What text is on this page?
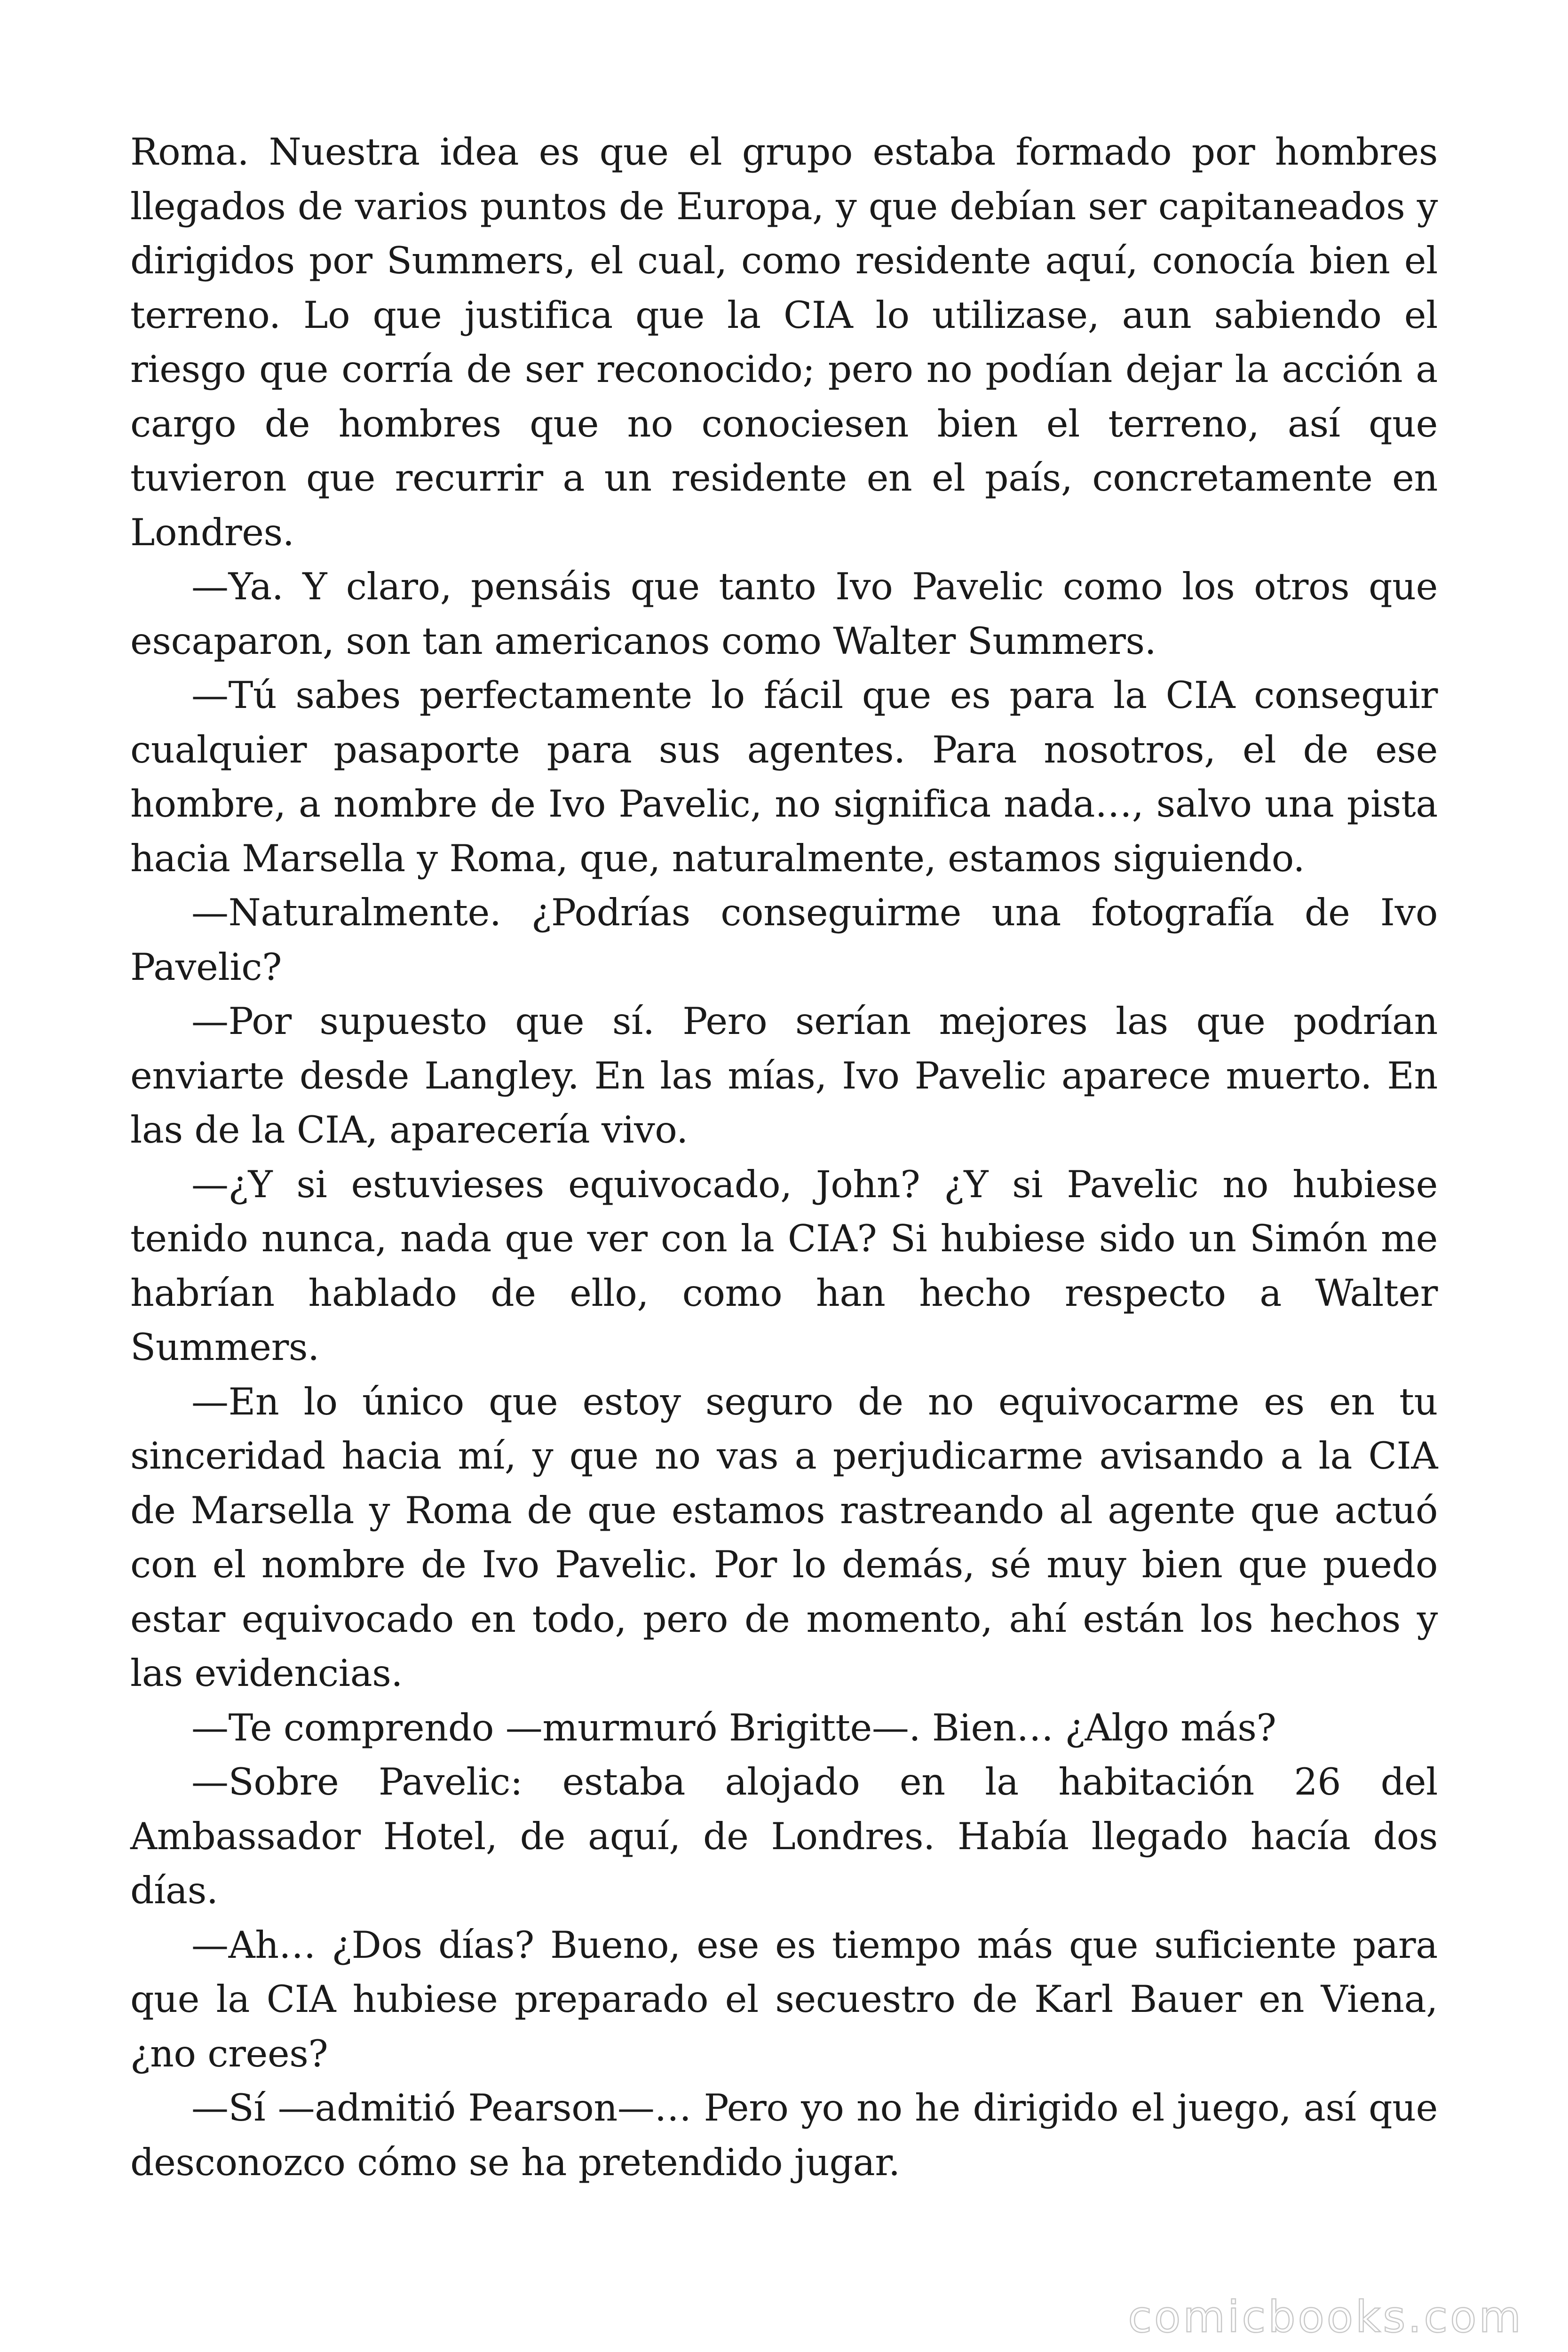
Roma. Nuestra idea es que el grupo estaba formado por hombres llegados de varios puntos de Europa, y que debían ser capitaneados y dirigidos por Summers, el cual, como residente aquí, conocía bien el terreno. Lo que justifica que la CIA lo utilizase, aun sabiendo el riesgo que corría de ser reconocido; pero no podían dejar la acción a cargo de hombres que no conociesen bien el terreno, así que tuvieron que recurrir a un residente en el país, concretamente en Londres.

—Ya. Y claro, pensáis que tanto Ivo Pavelic como los otros que escaparon, son tan americanos como Walter Summers.

—Tú sabes perfectamente lo fácil que es para la CIA conseguir cualquier pasaporte para sus agentes. Para nosotros, el de ese hombre, a nombre de Ivo Pavelic, no significa nada…, salvo una pista hacia Marsella y Roma, que, naturalmente, estamos siguiendo.

—Naturalmente. ¿Podrías conseguirme una fotografía de Ivo Pavelic?

—Por supuesto que sí. Pero serían mejores las que podrían enviarte desde Langley. En las mías, Ivo Pavelic aparece muerto. En las de la CIA, aparecería vivo.

—¿Y si estuvieses equivocado, John? ¿Y si Pavelic no hubiese tenido nunca, nada que ver con la CIA? Si hubiese sido un Simón me habrían hablado de ello, como han hecho respecto a Walter Summers.

—En lo único que estoy seguro de no equivocarme es en tu sinceridad hacia mí, y que no vas a perjudicarme avisando a la CIA de Marsella y Roma de que estamos rastreando al agente que actuó con el nombre de Ivo Pavelic. Por lo demás, sé muy bien que puedo estar equivocado en todo, pero de momento, ahí están los hechos y las evidencias.

—Te comprendo —murmuró Brigitte—. Bien… ¿Algo más?

—Sobre Pavelic: estaba alojado en la habitación 26 del Ambassador Hotel, de aquí, de Londres. Había llegado hacía dos días.

—Ah… ¿Dos días? Bueno, ese es tiempo más que suficiente para que la CIA hubiese preparado el secuestro de Karl Bauer en Viena, ¿no crees?

—Sí —admitió Pearson—… Pero yo no he dirigido el juego, así que desconozco cómo se ha pretendido jugar.

comicbooks.com
